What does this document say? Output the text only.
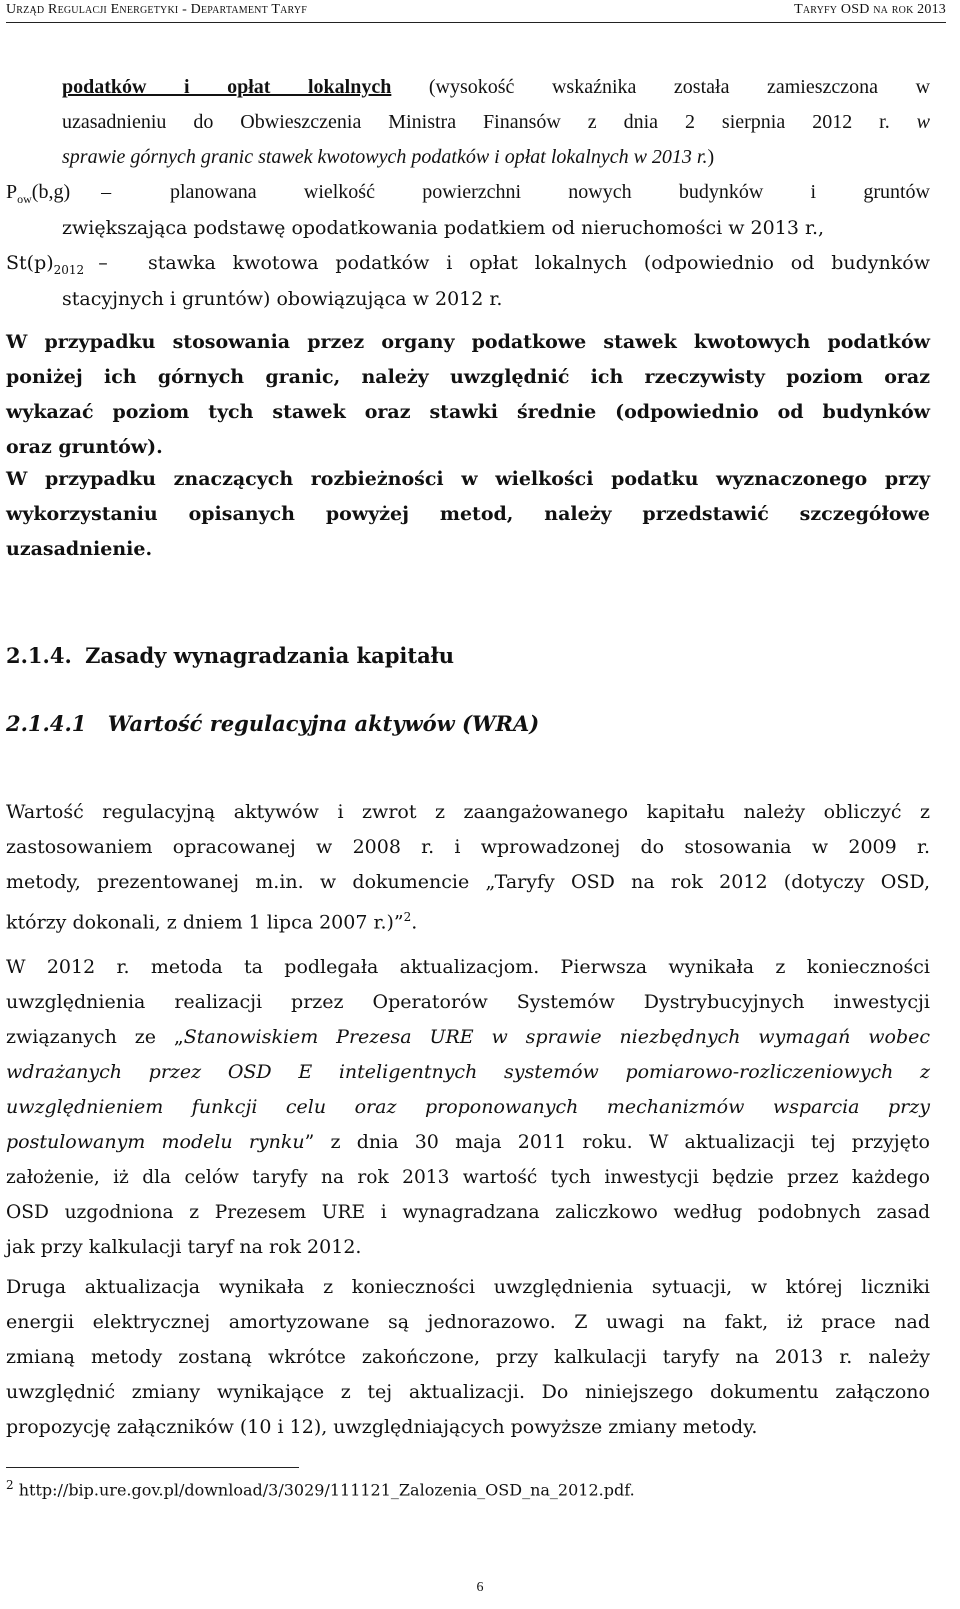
Urząd Regulacji Energetyki - Departament Taryf	Taryfy OSD na rok 2013
podatków i opłat lokalnych (wysokość wskaźnika została zamieszczona w
uzasadnieniu do Obwieszczenia Ministra Finansów z dnia 2 sierpnia 2012 r. w
sprawie górnych granic stawek kwotowych podatków i opłat lokalnych w 2013 r.)
$P_{ow}(b,g)$ –	planowana wielkość powierzchni nowych budynków i gruntów
zwiększająca podstawę opodatkowania podatkiem od nieruchomości w 2013 r.,
$St(p)_{2012}$ – stawka kwotowa podatków i opłat lokalnych (odpowiednio od budynków
stacyjnych i gruntów) obowiązująca w 2012 r.
W przypadku stosowania przez organy podatkowe stawek kwotowych podatków
poniżej ich górnych granic, należy uwzględnić ich rzeczywisty poziom oraz
wykazać poziom tych stawek oraz stawki średnie (odpowiednio od budynków
oraz gruntów).
W przypadku znaczących rozbieżności w wielkości podatku wyznaczonego przy
wykorzystaniu opisanych powyżej metod, należy przedstawić szczegółowe
uzasadnienie.
2.1.4. Zasady wynagradzania kapitału
2.1.4.1 Wartość regulacyjna aktywów (WRA)
Wartość regulacyjną aktywów i zwrot z zaangażowanego kapitału należy obliczyć z
zastosowaniem opracowanej w 2008 r. i wprowadzonej do stosowania w 2009 r.
metody, prezentowanej m.in. w dokumencie „Taryfy OSD na rok 2012 (dotyczy OSD,
którzy dokonali, z dniem 1 lipca 2007 r.)”$^2$.
W 2012 r. metoda ta podlegała aktualizacjom. Pierwsza wynikała z konieczności
uwzględnienia realizacji przez Operatorów Systemów Dystrybucyjnych inwestycji
związanych ze „Stanowiskiem Prezesa URE w sprawie niezbędnych wymagań wobec
wdrażanych przez OSD E inteligentnych systemów pomiarowo-rozliczeniowych z
uwzględnieniem funkcji celu oraz proponowanych mechanizmów wsparcia przy
postulowanym modelu rynku” z dnia 30 maja 2011 roku. W aktualizacji tej przyjęto
założenie, iż dla celów taryfy na rok 2013 wartość tych inwestycji będzie przez każdego
OSD uzgodniona z Prezesem URE i wynagradzana zaliczkowo według podobnych zasad
jak przy kalkulacji taryf na rok 2012.
Druga aktualizacja wynikała z konieczności uwzględnienia sytuacji, w której liczniki
energii elektrycznej amortyzowane są jednorazowo. Z uwagi na fakt, iż prace nad
zmianą metody zostaną wkrótce zakończone, przy kalkulacji taryfy na 2013 r. należy
uwzględnić zmiany wynikające z tej aktualizacji. Do niniejszego dokumentu załączono
propozycję załączników (10 i 12), uwzględniających powyższe zmiany metody.
$^2$ http://bip.ure.gov.pl/download/3/3029/111121_Zalozenia_OSD_na_2012.pdf.
6
